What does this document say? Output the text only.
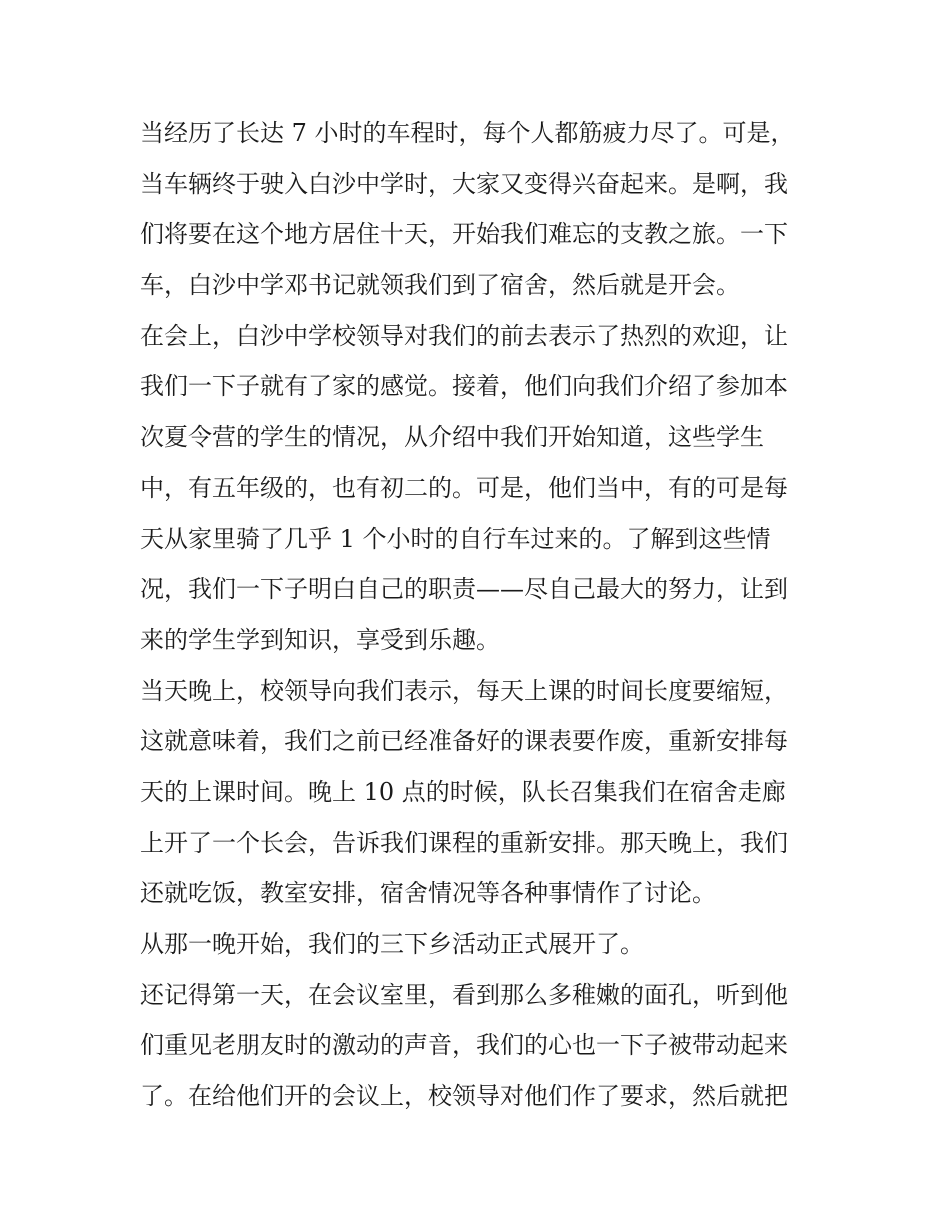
当经历了长达 7 小时的车程时，每个人都筋疲力尽了。可是，
当车辆终于驶入白沙中学时，大家又变得兴奋起来。是啊，我
们将要在这个地方居住十天，开始我们难忘的支教之旅。一下
车，白沙中学邓书记就领我们到了宿舍，然后就是开会。
在会上，白沙中学校领导对我们的前去表示了热烈的欢迎，让
我们一下子就有了家的感觉。接着，他们向我们介绍了参加本
次夏令营的学生的情况，从介绍中我们开始知道，这些学生
中，有五年级的，也有初二的。可是，他们当中，有的可是每
天从家里骑了几乎 1 个小时的自行车过来的。了解到这些情
况，我们一下子明白自己的职责——尽自己最大的努力，让到
来的学生学到知识，享受到乐趣。
当天晚上，校领导向我们表示，每天上课的时间长度要缩短，
这就意味着，我们之前已经准备好的课表要作废，重新安排每
天的上课时间。晚上 10 点的时候，队长召集我们在宿舍走廊
上开了一个长会，告诉我们课程的重新安排。那天晚上，我们
还就吃饭，教室安排，宿舍情况等各种事情作了讨论。
从那一晚开始，我们的三下乡活动正式展开了。
还记得第一天，在会议室里，看到那么多稚嫩的面孔，听到他
们重见老朋友时的激动的声音，我们的心也一下子被带动起来
了。在给他们开的会议上，校领导对他们作了要求，然后就把
